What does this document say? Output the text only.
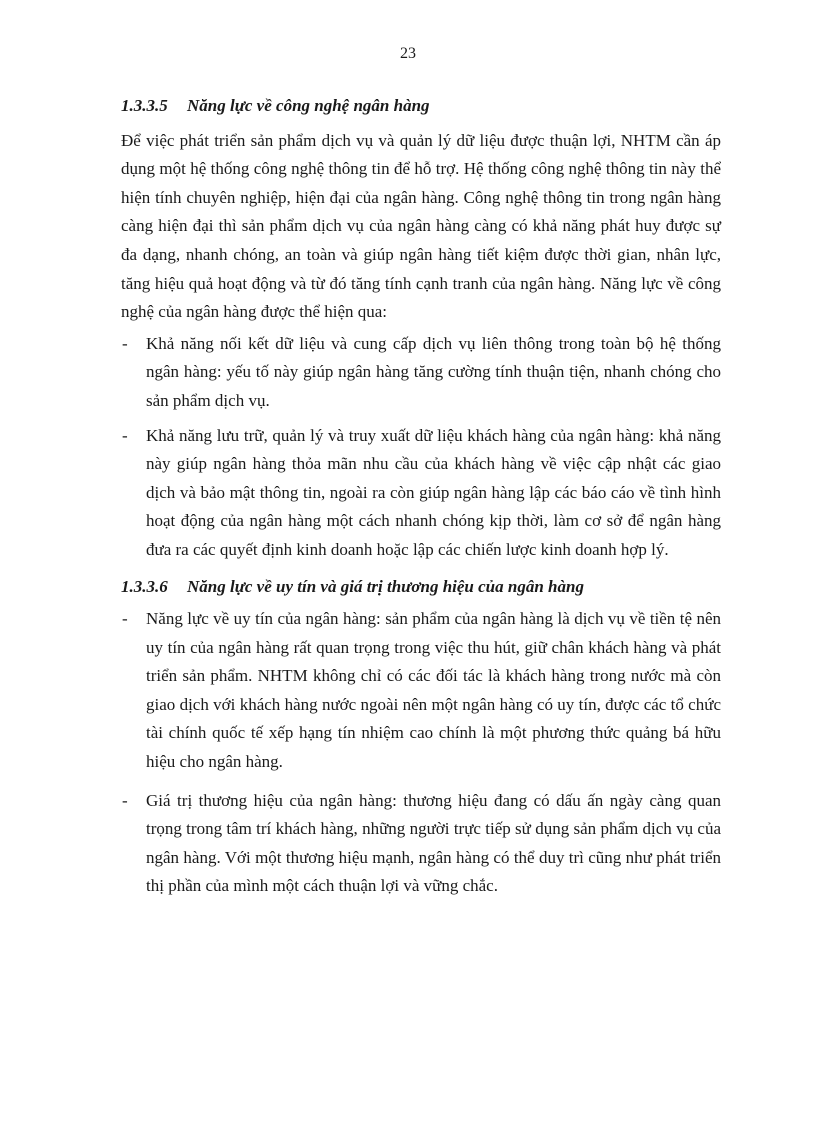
23
1.3.3.5 Năng lực về công nghệ ngân hàng

Để việc phát triển sản phẩm dịch vụ và quản lý dữ liệu được thuận lợi, NHTM cần áp dụng một hệ thống công nghệ thông tin để hỗ trợ. Hệ thống công nghệ thông tin này thể hiện tính chuyên nghiệp, hiện đại của ngân hàng. Công nghệ thông tin trong ngân hàng càng hiện đại thì sản phẩm dịch vụ của ngân hàng càng có khả năng phát huy được sự đa dạng, nhanh chóng, an toàn và giúp ngân hàng tiết kiệm được thời gian, nhân lực, tăng hiệu quả hoạt động và từ đó tăng tính cạnh tranh của ngân hàng. Năng lực về công nghệ của ngân hàng được thể hiện qua:

- Khả năng nối kết dữ liệu và cung cấp dịch vụ liên thông trong toàn bộ hệ thống ngân hàng: yếu tố này giúp ngân hàng tăng cường tính thuận tiện, nhanh chóng cho sản phẩm dịch vụ.
- Khả năng lưu trữ, quản lý và truy xuất dữ liệu khách hàng của ngân hàng: khả năng này giúp ngân hàng thỏa mãn nhu cầu của khách hàng về việc cập nhật các giao dịch và bảo mật thông tin, ngoài ra còn giúp ngân hàng lập các báo cáo về tình hình hoạt động của ngân hàng một cách nhanh chóng kịp thời, làm cơ sở để ngân hàng đưa ra các quyết định kinh doanh hoặc lập các chiến lược kinh doanh hợp lý.
1.3.3.6 Năng lực về uy tín và giá trị thương hiệu của ngân hàng
- Năng lực về uy tín của ngân hàng: sản phẩm của ngân hàng là dịch vụ về tiền tệ nên uy tín của ngân hàng rất quan trọng trong việc thu hút, giữ chân khách hàng và phát triển sản phẩm. NHTM không chỉ có các đối tác là khách hàng trong nước mà còn giao dịch với khách hàng nước ngoài nên một ngân hàng có uy tín, được các tổ chức tài chính quốc tế xếp hạng tín nhiệm cao chính là một phương thức quảng bá hữu hiệu cho ngân hàng.
- Giá trị thương hiệu của ngân hàng: thương hiệu đang có dấu ấn ngày càng quan trọng trong tâm trí khách hàng, những người trực tiếp sử dụng sản phẩm dịch vụ của ngân hàng. Với một thương hiệu mạnh, ngân hàng có thể duy trì cũng như phát triển thị phần của mình một cách thuận lợi và vững chắc.
